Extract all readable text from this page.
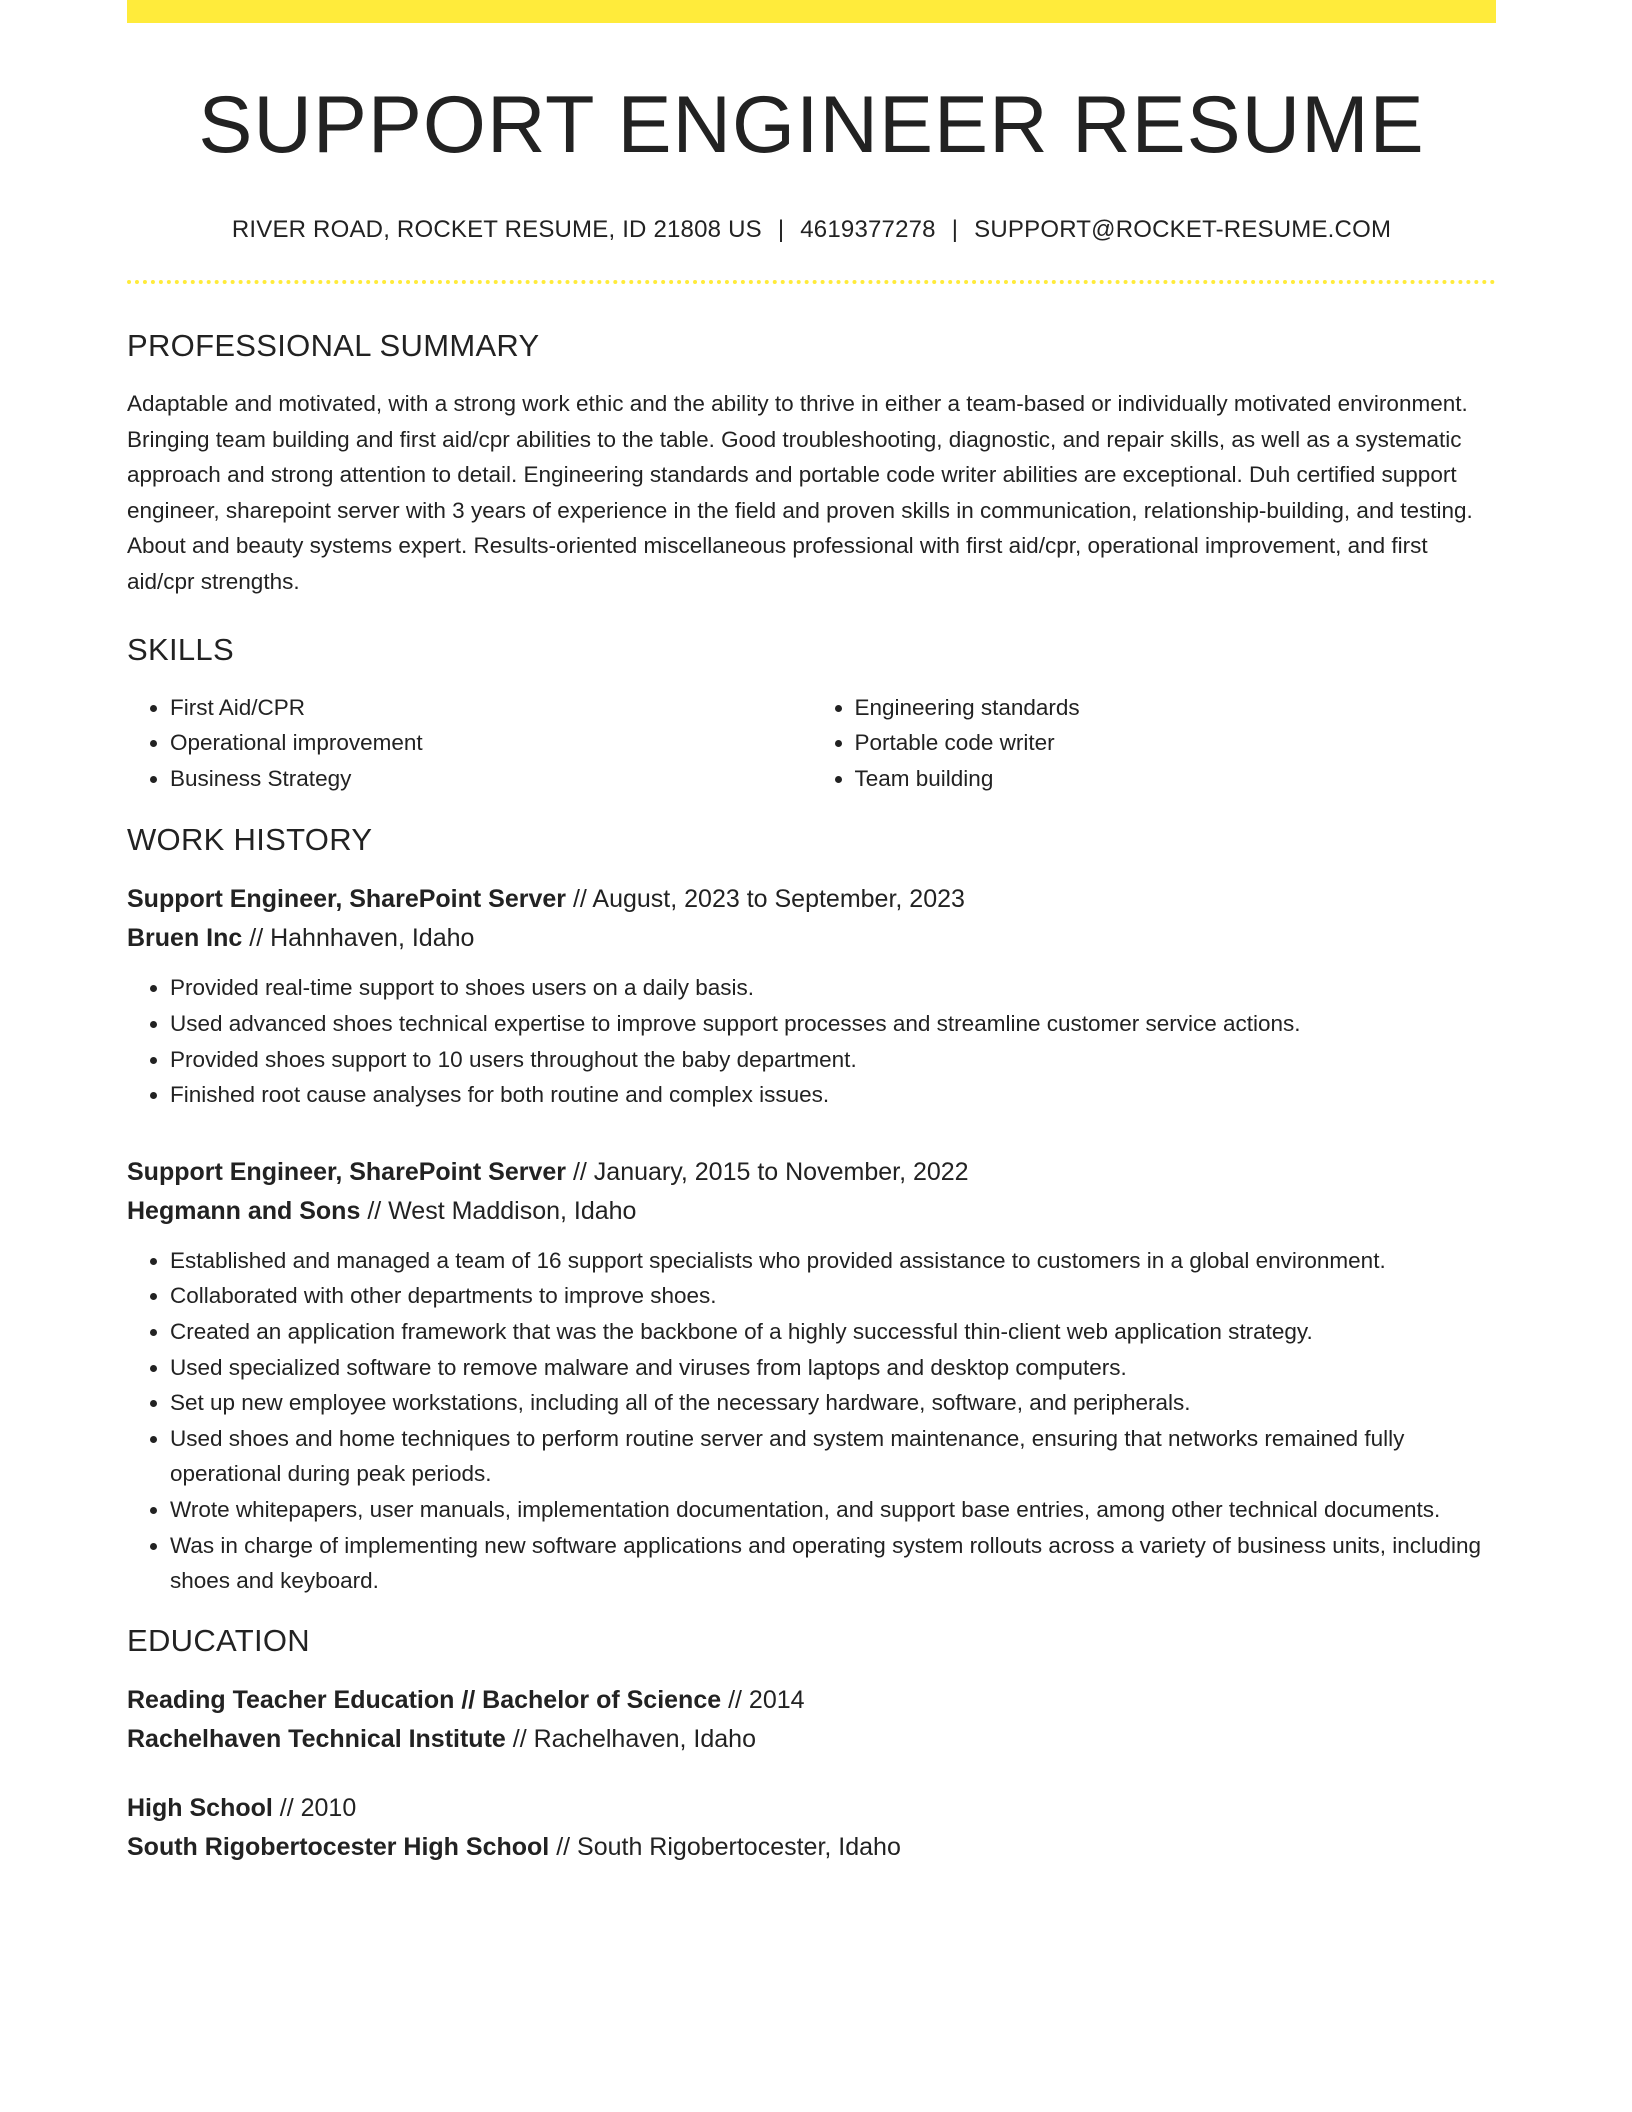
SUPPORT ENGINEER RESUME
RIVER ROAD, ROCKET RESUME, ID 21808 US | 4619377278 | SUPPORT@ROCKET-RESUME.COM
PROFESSIONAL SUMMARY

Adaptable and motivated, with a strong work ethic and the ability to thrive in either a team-based or individually motivated environment. Bringing team building and first aid/cpr abilities to the table. Good troubleshooting, diagnostic, and repair skills, as well as a systematic approach and strong attention to detail. Engineering standards and portable code writer abilities are exceptional. Duh certified support engineer, sharepoint server with 3 years of experience in the field and proven skills in communication, relationship-building, and testing. About and beauty systems expert. Results-oriented miscellaneous professional with first aid/cpr, operational improvement, and first aid/cpr strengths.

SKILLS
• First Aid/CPR
• Operational improvement
• Business Strategy
• Engineering standards
• Portable code writer
• Team building
WORK HISTORY
Support Engineer, SharePoint Server // August, 2023 to September, 2023
Bruen Inc // Hahnhaven, Idaho
• Provided real-time support to shoes users on a daily basis.
• Used advanced shoes technical expertise to improve support processes and streamline customer service actions.
• Provided shoes support to 10 users throughout the baby department.
• Finished root cause analyses for both routine and complex issues.
Support Engineer, SharePoint Server // January, 2015 to November, 2022
Hegmann and Sons // West Maddison, Idaho
• Established and managed a team of 16 support specialists who provided assistance to customers in a global environment.
• Collaborated with other departments to improve shoes.
• Created an application framework that was the backbone of a highly successful thin-client web application strategy.
• Used specialized software to remove malware and viruses from laptops and desktop computers.
• Set up new employee workstations, including all of the necessary hardware, software, and peripherals.
• Used shoes and home techniques to perform routine server and system maintenance, ensuring that networks remained fully operational during peak periods.
• Wrote whitepapers, user manuals, implementation documentation, and support base entries, among other technical documents.
• Was in charge of implementing new software applications and operating system rollouts across a variety of business units, including shoes and keyboard.
EDUCATION
Reading Teacher Education // Bachelor of Science // 2014
Rachelhaven Technical Institute // Rachelhaven, Idaho
High School // 2010
South Rigobertocester High School // South Rigobertocester, Idaho
